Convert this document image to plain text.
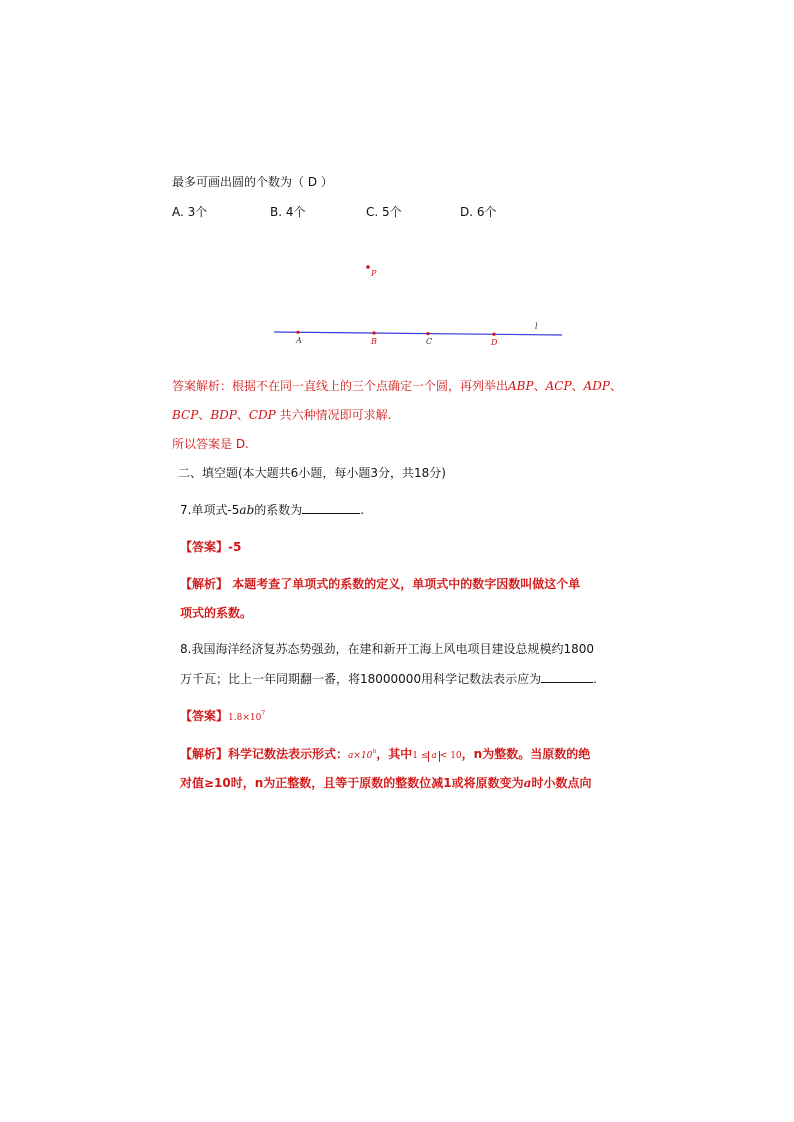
最多可画出圆的个数为（ D ）
A. 3个	B. 4个	C. 5个	D. 6个
P
l
A	B	C	D
答案解析：根据不在同一直线上的三个点确定一个圆，再列举出ABP、ACP、ADP、
BCP、BDP、CDP 共六种情况即可求解.
所以答案是 D.
二、填空题(本大题共6小题，每小题3分，共18分)
7.单项式-5ab的系数为	.
【答案】-5
【解析】 本题考查了单项式的系数的定义，单项式中的数字因数叫做这个单
项式的系数。
8.我国海洋经济复苏态势强劲，在建和新开工海上风电项目建设总规模约1800
万千瓦；比上一年同期翻一番，将18000000用科学记数法表示应为	.
【答案】$1.8\times 10^7$
【解析】科学记数法表示形式：$a\times 10^n$，其中1 ≤ a < 10，n为整数。当原数的绝
对值≥10时，n为正整数，且等于原数的整数位减1或将原数变为a时小数点向
